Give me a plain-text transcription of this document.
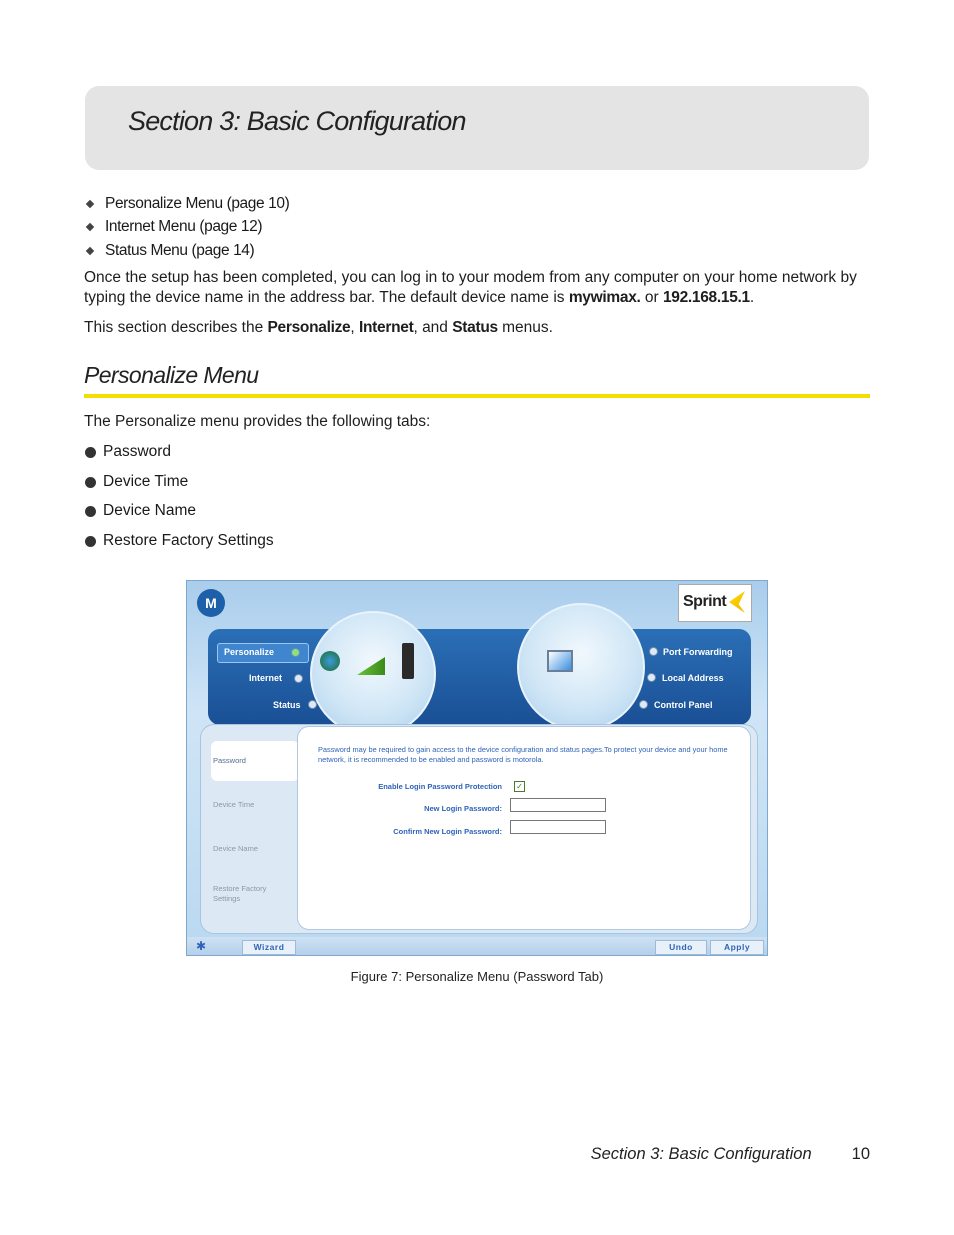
Section 3: Basic Configuration
Personalize Menu (page 10)
Internet Menu (page 12)
Status Menu (page 14)

Once the setup has been completed, you can log in to your modem from any computer on your home network by typing the device name in the address bar. The default device name is mywimax. or 192.168.15.1.

This section describes the Personalize, Internet, and Status menus.

Personalize Menu

The Personalize menu provides the following tabs:

Password
Device Time
Device Name
Restore Factory Settings
M	Sprint
Personalize
Internet
Status
Port Forwarding
Local Address
Control Panel
Password
Device Time
Device Name
Restore Factory Settings
Password may be required to gain access to the device configuration and status pages.To protect your device and your home network, it is recommended to be enabled and password is motorola.
Enable Login Password Protection ✓
New Login Password:
Confirm New Login Password:
✱	Wizard	Undo	Apply
Figure 7: Personalize Menu (Password Tab)
Section 3: Basic Configuration 10
